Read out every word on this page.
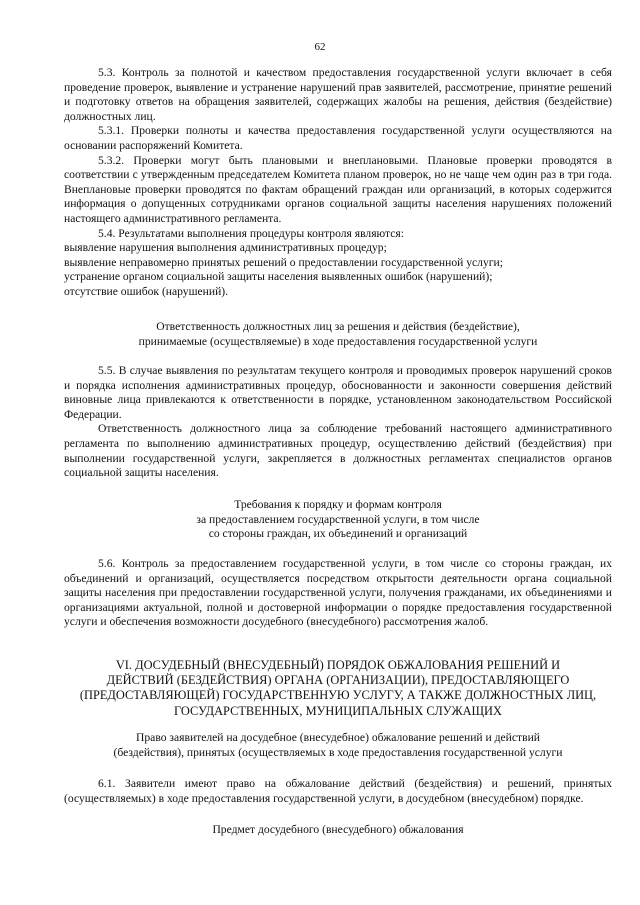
62

5.3. Контроль за полнотой и качеством предоставления государственной услуги включает в себя проведение проверок, выявление и устранение нарушений прав заявителей, рассмотрение, принятие решений и подготовку ответов на обращения заявителей, содержащих жалобы на решения, действия (бездействие) должностных лиц.

5.3.1. Проверки полноты и качества предоставления государственной услуги осуществляются на основании распоряжений Комитета.

5.3.2. Проверки могут быть плановыми и внеплановыми. Плановые проверки проводятся в соответствии с утвержденным председателем Комитета планом проверок, но не чаще чем один раз в три года. Внеплановые проверки проводятся по фактам обращений граждан или организаций, в которых содержится информация о допущенных сотрудниками органов социальной защиты населения нарушениях положений настоящего административного регламента.

5.4. Результатами выполнения процедуры контроля являются:

выявление нарушения выполнения административных процедур;

выявление неправомерно принятых решений о предоставлении государственной услуги;

устранение органом социальной защиты населения выявленных ошибок (нарушений);

отсутствие ошибок (нарушений).

Ответственность должностных лиц за решения и действия (бездействие),

принимаемые (осуществляемые) в ходе предоставления государственной услуги

5.5. В случае выявления по результатам текущего контроля и проводимых проверок нарушений сроков и порядка исполнения административных процедур, обоснованности и законности совершения действий виновные лица привлекаются к ответственности в порядке, установленном законодательством Российской Федерации.

Ответственность должностного лица за соблюдение требований настоящего административного регламента по выполнению административных процедур, осуществлению действий (бездействия) при выполнении государственной услуги, закрепляется в должностных регламентах специалистов органов социальной защиты населения.

Требования к порядку и формам контроля

за предоставлением государственной услуги, в том числе

со стороны граждан, их объединений и организаций

5.6. Контроль за предоставлением государственной услуги, в том числе со стороны граждан, их объединений и организаций, осуществляется посредством открытости деятельности органа социальной защиты населения при предоставлении государственной услуги, получения гражданами, их объединениями и организациями актуальной, полной и достоверной информации о порядке предоставления государственной услуги и обеспечения возможности досудебного (внесудебного) рассмотрения жалоб.

VI. ДОСУДЕБНЫЙ (ВНЕСУДЕБНЫЙ) ПОРЯДОК ОБЖАЛОВАНИЯ РЕШЕНИЙ И

ДЕЙСТВИЙ (БЕЗДЕЙСТВИЯ) ОРГАНА (ОРГАНИЗАЦИИ), ПРЕДОСТАВЛЯЮЩЕГО

(ПРЕДОСТАВЛЯЮЩЕЙ) ГОСУДАРСТВЕННУЮ УСЛУГУ, А ТАКЖЕ ДОЛЖНОСТНЫХ ЛИЦ,

ГОСУДАРСТВЕННЫХ, МУНИЦИПАЛЬНЫХ СЛУЖАЩИХ

Право заявителей на досудебное (внесудебное) обжалование решений и действий

(бездействия), принятых (осуществляемых в ходе предоставления государственной услуги

6.1. Заявители имеют право на обжалование действий (бездействия) и решений, принятых (осуществляемых) в ходе предоставления государственной услуги, в досудебном (внесудебном) порядке.

Предмет досудебного (внесудебного) обжалования
